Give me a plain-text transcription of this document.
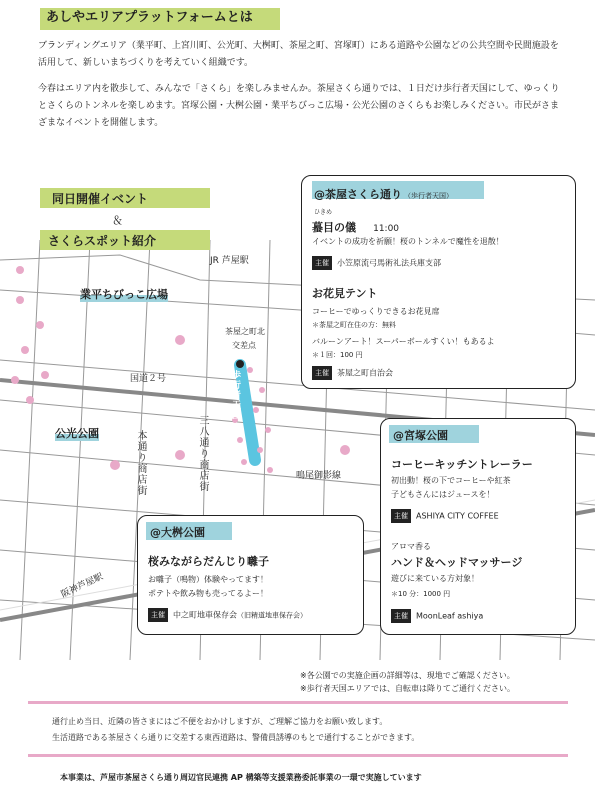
あしやエリアプラットフォームとは
ブランディングエリア（業平町、上宮川町、公光町、大桝町、茶屋之町、宮塚町）にある道路や公園などの公共空間や民間施設を活用して、新しいまちづくりを考えていく組織です。
今春はエリア内を散歩して、みんなで「さくら」を楽しみませんか。茶屋さくら通りでは、１日だけ歩行者天国にして、ゆっくりとさくらのトンネルを楽しめます。宮塚公園・大桝公園・業平ちびっこ広場・公光公園のさくらもお楽しみください。市民がさまざまなイベントを開催します。
同日開催イベント
＆
さくらスポット紹介
JR 芦屋駅
業平ちびっこ広場
茶屋之町北
交差点
国道２号	歩行者天国
公光公園	本通り商店街	三八通り商店街	鳴尾御影線
阪神芦屋駅
@茶屋さくら通り （歩行者天国）
ひきめ
蟇目の儀 11:00
イベントの成功を祈願！桜のトンネルで魔性を退散！
主催 小笠原流弓馬術礼法兵庫支部
お花見テント
コーヒーでゆっくりできるお花見席
＊茶屋之町在住の方：無料
バルーンアート！スーパーボールすくい！もあるよ
＊１回：100 円
主催 茶屋之町自治会
@宮塚公園
コーヒーキッチントレーラー
初出動！桜の下でコーヒーや紅茶
子どもさんにはジュースを！
主催 ASHIYA CITY COFFEE
アロマ香る
ハンド＆ヘッドマッサージ
遊びに来ている方対象！
＊10 分：1000 円
主催 MoonLeaf ashiya
@大桝公園
桜みながらだんじり囃子
お囃子（鳴物）体験やってます！
ポテトや飲み物も売ってるよー！
主催 中之町地車保存会（旧精道地車保存会）
※各公園での実施企画の詳細等は、現地でご確認ください。
※歩行者天国エリアでは、自転車は降りてご通行ください。
通行止め当日、近隣の皆さまにはご不便をおかけしますが、ご理解ご協力をお願い致します。
生活道路である茶屋さくら通りに交差する東西道路は、警備員誘導のもとで通行することができます。
本事業は、芦屋市茶屋さくら通り周辺官民連携 AP 構築等支援業務委託事業の一環で実施しています
